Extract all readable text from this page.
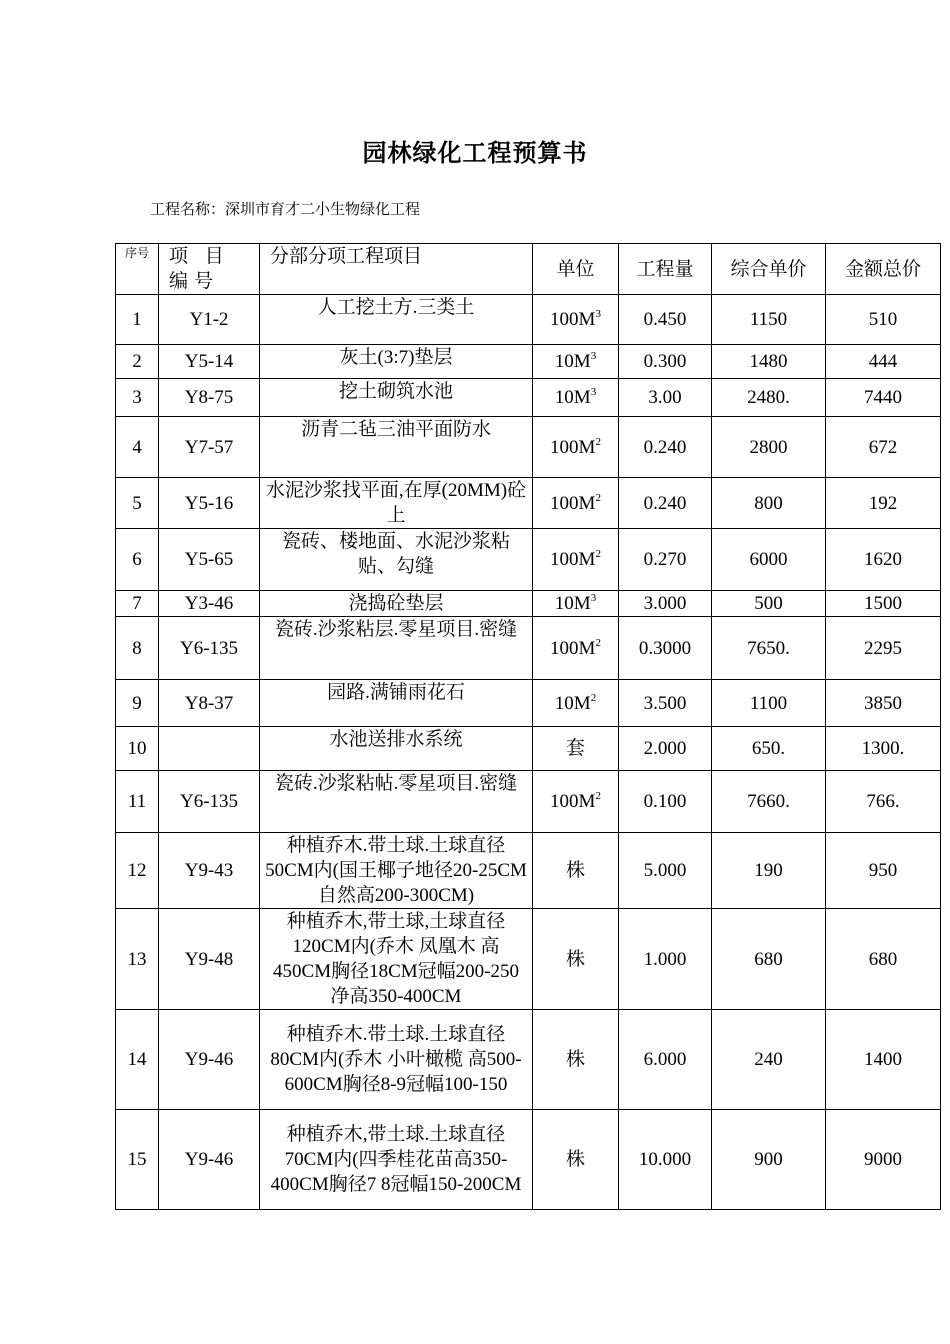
园林绿化工程预算书
工程名称：深圳市育才二小生物绿化工程
序号	项 目 编号	分部分项工程项目	单位	工程量	综合单价	金额总价
1	Y1-2	人工挖土方.三类土	$100M^3$	0.450	1150	510
2	Y5-14	灰土(3:7)垫层	$10M^3$	0.300	1480	444
3	Y8-75	挖土砌筑水池	$10M^3$	3.00	2480.	7440
4	Y7-57	沥青二毡三油平面防水	$100M^2$	0.240	2800	672
5	Y5-16	水泥沙浆找平面,在厚(20MM)砼上	$100M^2$	0.240	800	192
6	Y5-65	瓷砖、楼地面、水泥沙浆粘贴、勾缝	$100M^2$	0.270	6000	1620
7	Y3-46	浇捣砼垫层	$10M^3$	3.000	500	1500
8	Y6-135	瓷砖.沙浆粘层.零星项目.密缝	$100M^2$	0.3000	7650.	2295
9	Y8-37	园路.满铺雨花石	$10M^2$	3.500	1100	3850
10		水池送排水系统	套	2.000	650.	1300.
11	Y6-135	瓷砖.沙浆粘帖.零星项目.密缝	$100M^2$	0.100	7660.	766.
12	Y9-43	种植乔木.带土球.土球直径50CM内(国王椰子地径20-25CM自然高200-300CM)	株	5.000	190	950
13	Y9-48	种植乔木,带土球,土球直径120CM内(乔木 凤凰木 高450CM胸径18CM冠幅200-250净高350-400CM	株	1.000	680	680
14	Y9-46	种植乔木.带土球.土球直径80CM内(乔木 小叶橄榄 高500-600CM胸径8-9冠幅100-150	株	6.000	240	1400
15	Y9-46	种植乔木,带土球.土球直径70CM内(四季桂花苗高350-400CM胸径7 8冠幅150-200CM	株	10.000	900	9000
